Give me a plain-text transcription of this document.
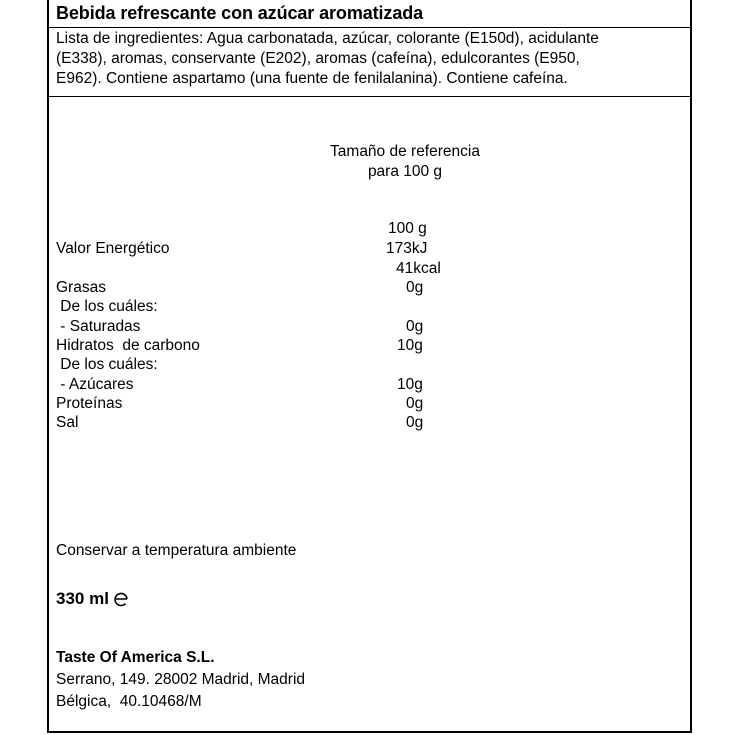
Bebida refrescante con azúcar aromatizada
Lista de ingredientes: Agua carbonatada, azúcar, colorante (E150d), acidulante
(E338), aromas, conservante (E202), aromas (cafeína), edulcorantes (E950,
E962). Contiene aspartamo (una fuente de fenilalanina). Contiene cafeína.
Tamaño de referencia
para 100 g
100 g
Valor Energético	173kJ
41kcal
Grasas	0g
De los cuáles:
- Saturadas	0g
Hidratos  de carbono	10g
De los cuáles:
- Azúcares	10g
Proteínas	0g
Sal	0g
Conservar a temperatura ambiente
330 ml
Taste Of America S.L.
Serrano, 149. 28002 Madrid, Madrid
Bélgica,  40.10468/M
